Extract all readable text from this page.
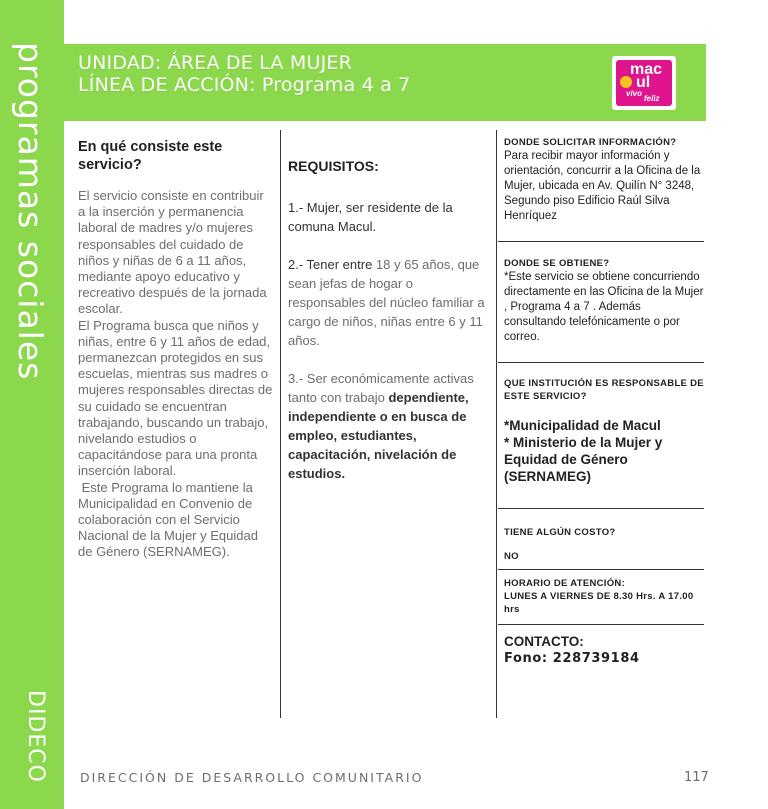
programas sociales
DIDECO
UNIDAD: ÁREA DE LA MUJER
LÍNEA DE ACCIÓN: Programa 4 a 7
mac
ul
vivo
feliz
En qué consiste este servicio?

El servicio consiste en contribuir a la inserción y permanencia laboral de madres y/o mujeres responsables del cuidado de niños y niñas de 6 a 11 años, mediante apoyo educativo y recreativo después de la jornada escolar.

El Programa busca que niños y niñas, entre 6 y 11 años de edad, permanezcan protegidos en sus escuelas, mientras sus madres o mujeres responsables directas de su cuidado se encuentran trabajando, buscando un trabajo, nivelando estudios o capacitándose para una pronta inserción laboral.

Este Programa lo mantiene la Municipalidad en Convenio de colaboración con el Servicio Nacional de la Mujer y Equidad de Género (SERNAMEG).

REQUISITOS:
1.- Mujer, ser residente de la comuna Macul.
2.- Tener entre 18 y 65 años, que sean jefas de hogar o responsables del núcleo familiar a cargo de niños, niñas entre 6 y 11 años.
3.- Ser económicamente activas tanto con trabajo dependiente, independiente o en busca de empleo, estudiantes, capacitación, nivelación de estudios.
DONDE SOLICITAR INFORMACIÓN?
Para recibir mayor información y orientación, concurrir a la Oficina de la Mujer, ubicada en Av. Quilín N° 3248, Segundo piso Edificio Raúl Silva Henríquez
DONDE SE OBTIENE?
*Este servicio se obtiene concurriendo directamente en las Oficina de la Mujer , Programa 4 a 7 . Además consultando telefónicamente o por correo.
QUE INSTITUCIÓN ES RESPONSABLE DE ESTE SERVICIO?
*Municipalidad de Macul
* Ministerio de la Mujer y Equidad de Género (SERNAMEG)
TIENE ALGÚN COSTO?
NO
HORARIO DE ATENCIÓN:
LUNES A VIERNES DE 8.30 Hrs. A 17.00 hrs
CONTACTO:
Fono: 228739184
DIRECCIÓN DE DESARROLLO COMUNITARIO	117
